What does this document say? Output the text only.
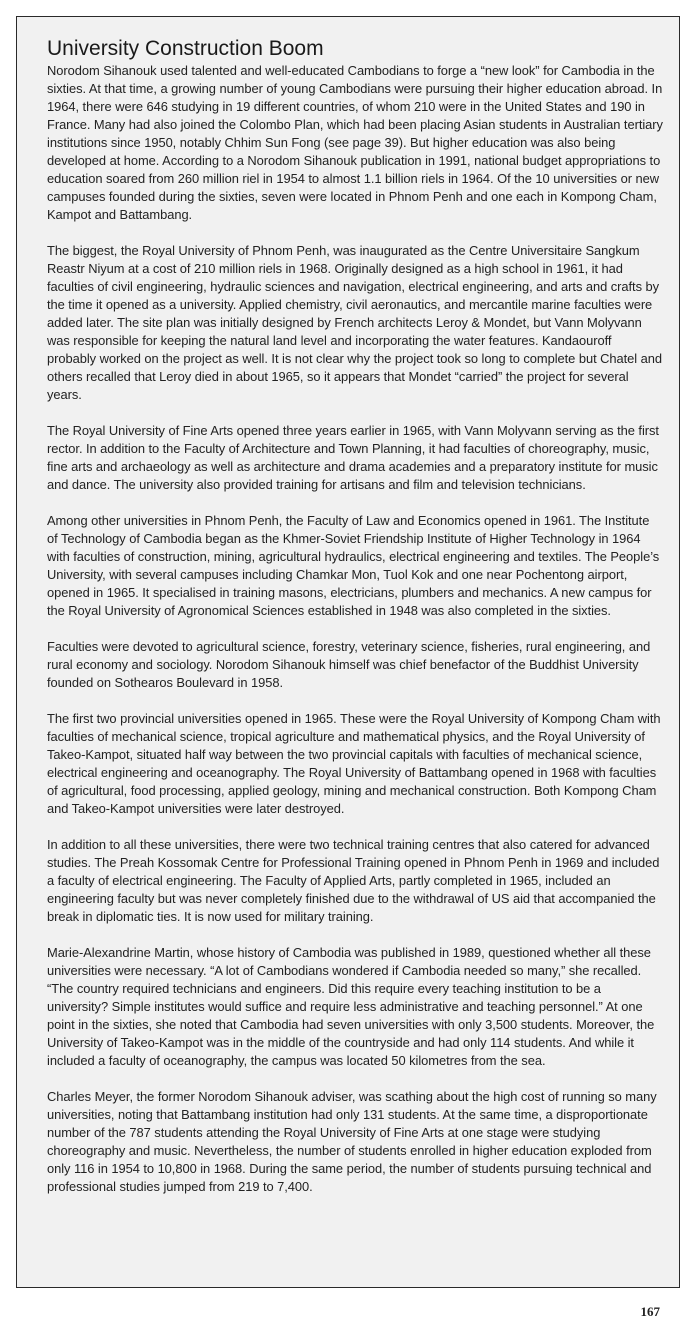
University Construction Boom

Norodom Sihanouk used talented and well-educated Cambodians to forge a “new look” for Cambodia in the sixties. At that time, a growing number of young Cambodians were pursuing their higher education abroad. In 1964, there were 646 studying in 19 different countries, of whom 210 were in the United States and 190 in France. Many had also joined the Colombo Plan, which had been placing Asian students in Australian tertiary institutions since 1950, notably Chhim Sun Fong (see page 39). But higher education was also being developed at home. According to a Norodom Sihanouk publication in 1991, national budget appropriations to education soared from 260 million riel in 1954 to almost 1.1 billion riels in 1964. Of the 10 universities or new campuses founded during the sixties, seven were located in Phnom Penh and one each in Kompong Cham, Kampot and Battambang.

The biggest, the Royal University of Phnom Penh, was inaugurated as the Centre Universitaire Sangkum Reastr Niyum at a cost of 210 million riels in 1968. Originally designed as a high school in 1961, it had faculties of civil engineering, hydraulic sciences and navigation, electrical engineering, and arts and crafts by the time it opened as a university. Applied chemistry, civil aeronautics, and mercantile marine faculties were added later. The site plan was initially designed by French architects Leroy & Mondet, but Vann Molyvann was responsible for keeping the natural land level and incorporating the water features. Kandaouroff probably worked on the project as well. It is not clear why the project took so long to complete but Chatel and others recalled that Leroy died in about 1965, so it appears that Mondet “carried” the project for several years.

The Royal University of Fine Arts opened three years earlier in 1965, with Vann Molyvann serving as the first rector. In addition to the Faculty of Architecture and Town Planning, it had faculties of choreography, music, fine arts and archaeology as well as architecture and drama academies and a preparatory institute for music and dance. The university also provided training for artisans and film and television technicians.

Among other universities in Phnom Penh, the Faculty of Law and Economics opened in 1961. The Institute of Technology of Cambodia began as the Khmer-Soviet Friendship Institute of Higher Technology in 1964 with faculties of construction, mining, agricultural hydraulics, electrical engineering and textiles. The People’s University, with several campuses including Chamkar Mon, Tuol Kok and one near Pochentong airport, opened in 1965. It specialised in training masons, electricians, plumbers and mechanics. A new campus for the Royal University of Agronomical Sciences established in 1948 was also completed in the sixties.

Faculties were devoted to agricultural science, forestry, veterinary science, fisheries, rural engineering, and rural economy and sociology. Norodom Sihanouk himself was chief benefactor of the Buddhist University founded on Sothearos Boulevard in 1958.

The first two provincial universities opened in 1965. These were the Royal University of Kompong Cham with faculties of mechanical science, tropical agriculture and mathematical physics, and the Royal University of Takeo-Kampot, situated half way between the two provincial capitals with faculties of mechanical science, electrical engineering and oceanography. The Royal University of Battambang opened in 1968 with faculties of agricultural, food processing, applied geology, mining and mechanical construction. Both Kompong Cham and Takeo-Kampot universities were later destroyed.

In addition to all these universities, there were two technical training centres that also catered for advanced studies. The Preah Kossomak Centre for Professional Training opened in Phnom Penh in 1969 and included a faculty of electrical engineering. The Faculty of Applied Arts, partly completed in 1965, included an engineering faculty but was never completely finished due to the withdrawal of US aid that accompanied the break in diplomatic ties. It is now used for military training.

Marie-Alexandrine Martin, whose history of Cambodia was published in 1989, questioned whether all these universities were necessary. “A lot of Cambodians wondered if Cambodia needed so many,” she recalled. “The country required technicians and engineers. Did this require every teaching institution to be a university? Simple institutes would suffice and require less administrative and teaching personnel.” At one point in the sixties, she noted that Cambodia had seven universities with only 3,500 students. Moreover, the University of Takeo-Kampot was in the middle of the countryside and had only 114 students. And while it included a faculty of oceanography, the campus was located 50 kilometres from the sea.

Charles Meyer, the former Norodom Sihanouk adviser, was scathing about the high cost of running so many universities, noting that Battambang institution had only 131 students. At the same time, a disproportionate number of the 787 students attending the Royal University of Fine Arts at one stage were studying choreography and music. Nevertheless, the number of students enrolled in higher education exploded from only 116 in 1954 to 10,800 in 1968. During the same period, the number of students pursuing technical and professional studies jumped from 219 to 7,400.

167
